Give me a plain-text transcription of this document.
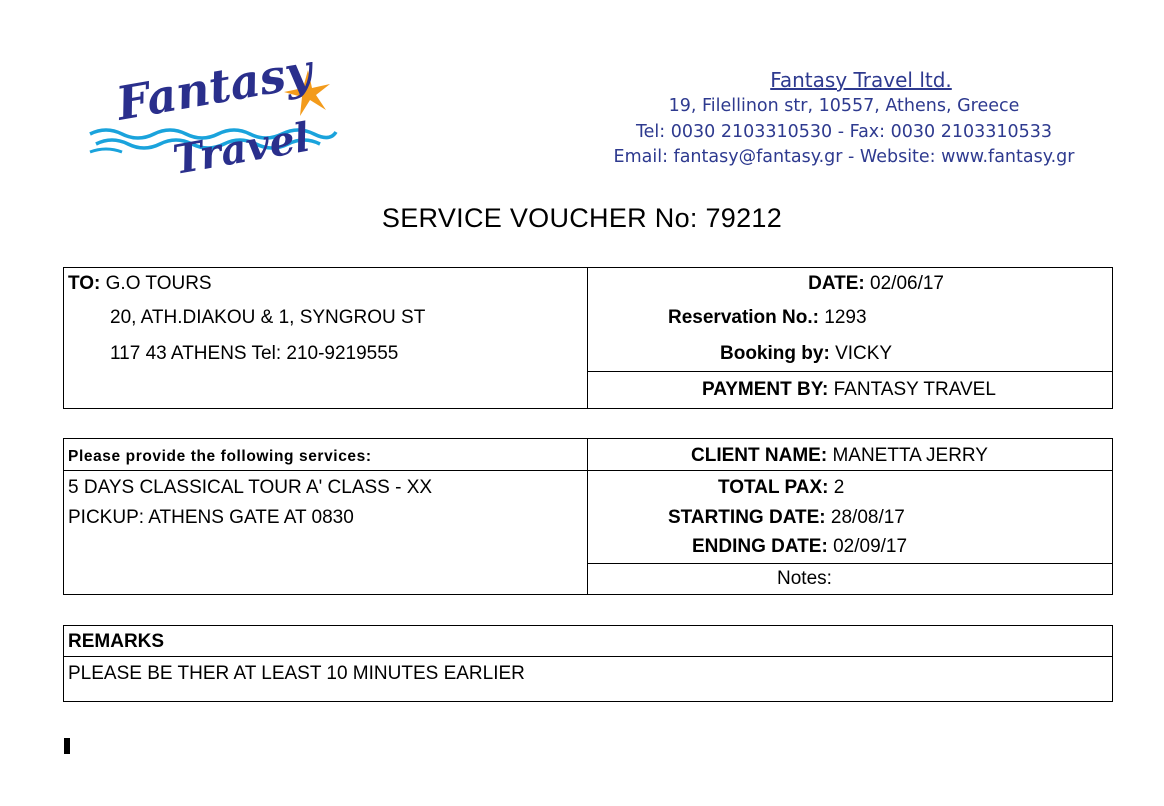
Fantasy
Travel
Fantasy Travel ltd.
19, Filellinon str, 10557, Athens, Greece
Tel: 0030 2103310530 - Fax: 0030 2103310533
Email: fantasy@fantasy.gr - Website: www.fantasy.gr
SERVICE VOUCHER No: 79212
TO: G.O TOURS
20, ATH.DIAKOU & 1, SYNGROU ST
117 43 ATHENS Tel: 210-9219555
DATE: 02/06/17
Reservation No.: 1293
Booking by: VICKY
PAYMENT BY: FANTASY TRAVEL
Please provide the following services:
5 DAYS CLASSICAL TOUR A' CLASS - XX
PICKUP: ATHENS GATE AT 0830
CLIENT NAME: MANETTA JERRY
TOTAL PAX: 2
STARTING DATE: 28/08/17
ENDING DATE: 02/09/17
Notes:
REMARKS
PLEASE BE THER AT LEAST 10 MINUTES EARLIER
